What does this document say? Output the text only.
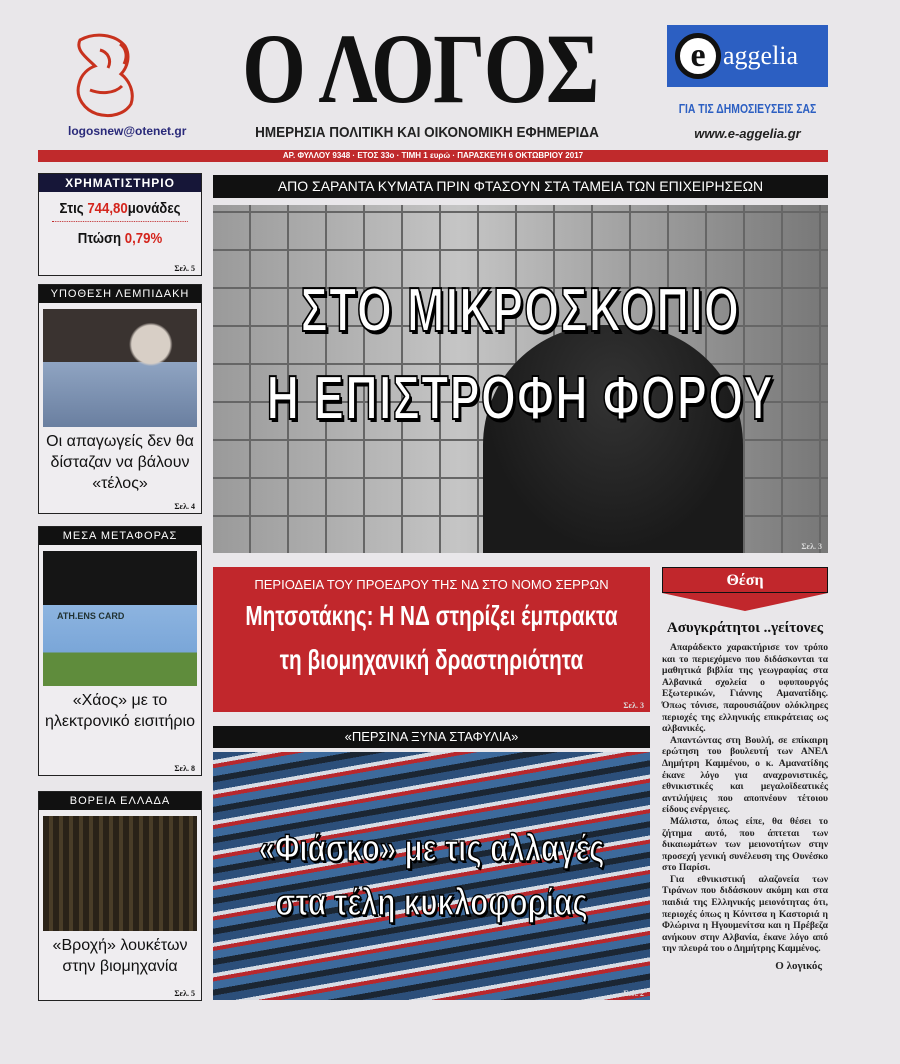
logosnew@otenet.gr
Ο ΛΟΓΟΣ
ΗΜΕΡΗΣΙΑ ΠΟΛΙΤΙΚΗ ΚΑΙ ΟΙΚΟΝΟΜΙΚΗ ΕΦΗΜΕΡΙΔΑ
e aggelia
ΓΙΑ ΤΙΣ ΔΗΜΟΣΙΕΥΣΕΙΣ ΣΑΣ
www.e-aggelia.gr
ΑΡ. ΦΥΛΛΟΥ 9348 · ΕΤΟΣ 33ο · ΤΙΜΗ 1 ευρώ · ΠΑΡΑΣΚΕΥΗ 6 ΟΚΤΩΒΡΙΟΥ 2017
ΧΡΗΜΑΤΙΣΤΗΡΙΟ
Στις 744,80μονάδες
Πτώση 0,79%
Σελ. 5
ΥΠΟΘΕΣΗ ΛΕΜΠΙΔΑΚΗ
Οι απαγωγείς δεν θα δίσταζαν να βάλουν «τέλος»
Σελ. 4
ΜΕΣΑ ΜΕΤΑΦΟΡΑΣ
ATH.ENS CARD
«Χάος» με το ηλεκτρονικό εισιτήριο
Σελ. 8
ΒΟΡΕΙΑ ΕΛΛΑΔΑ
«Βροχή» λουκέτων στην βιομηχανία
Σελ. 5
ΑΠΟ ΣΑΡΑΝΤΑ ΚΥΜΑΤΑ ΠΡΙΝ ΦΤΑΣΟΥΝ ΣΤΑ ΤΑΜΕΙΑ ΤΩΝ ΕΠΙΧΕΙΡΗΣΕΩΝ
ΣΤΟ ΜΙΚΡΟΣΚΟΠΙΟ
Η ΕΠΙΣΤΡΟΦΗ ΦΟΡΟΥ
Σελ. 3
ΠΕΡΙΟΔΕΙΑ ΤΟΥ ΠΡΟΕΔΡΟΥ ΤΗΣ ΝΔ ΣΤΟ ΝΟΜΟ ΣΕΡΡΩΝ
Μητσοτάκης: Η ΝΔ στηρίζει έμπρακτα
τη βιομηχανική δραστηριότητα
Σελ. 3
«ΠΕΡΣΙΝΑ ΞΥΝΑ ΣΤΑΦΥΛΙΑ»
«Φιάσκο» με τις αλλαγές
στα τέλη κυκλοφορίας
Σελ. 2
Θέση
Ασυγκράτητοι ..γείτονες

Απαράδεκτο χαρακτήρισε τον τρόπο και το περιεχόμενο που διδάσκονται τα μαθητικά βιβλία της γεωγραφίας στα Αλβανικά σχολεία ο υφυπουργός Εξωτερικών, Γιάννης Αμανατίδης. Όπως τόνισε, παρουσιάζουν ολόκληρες περιοχές της ελληνικής επικράτειας ως αλβανικές.

Απαντώντας στη Βουλή, σε επίκαιρη ερώτηση του βουλευτή των ΑΝΕΛ Δημήτρη Καμμένου, ο κ. Αμανατίδης έκανε λόγο για αναχρονιστικές, εθνικιστικές και μεγαλοϊδεατικές αντιλήψεις που αποπνέουν τέτοιου είδους ενέργειες.

Μάλιστα, όπως είπε, θα θέσει το ζήτημα αυτό, που άπτεται των δικαιωμάτων των μειονοτήτων στην προσεχή γενική συνέλευση της Ουνέσκο στο Παρίσι.

Για εθνικιστική αλαζονεία των Τιράνων που διδάσκουν ακόμη και στα παιδιά της Ελληνικής μειονότητας ότι, περιοχές όπως η Κόνιτσα η Καστοριά η Φλώρινα η Ηγουμενίτσα και η Πρέβεζα ανήκουν στην Αλβανία, έκανε λόγο από την πλευρά του ο Δημήτρης Καμμένος.

Ο λογικός
